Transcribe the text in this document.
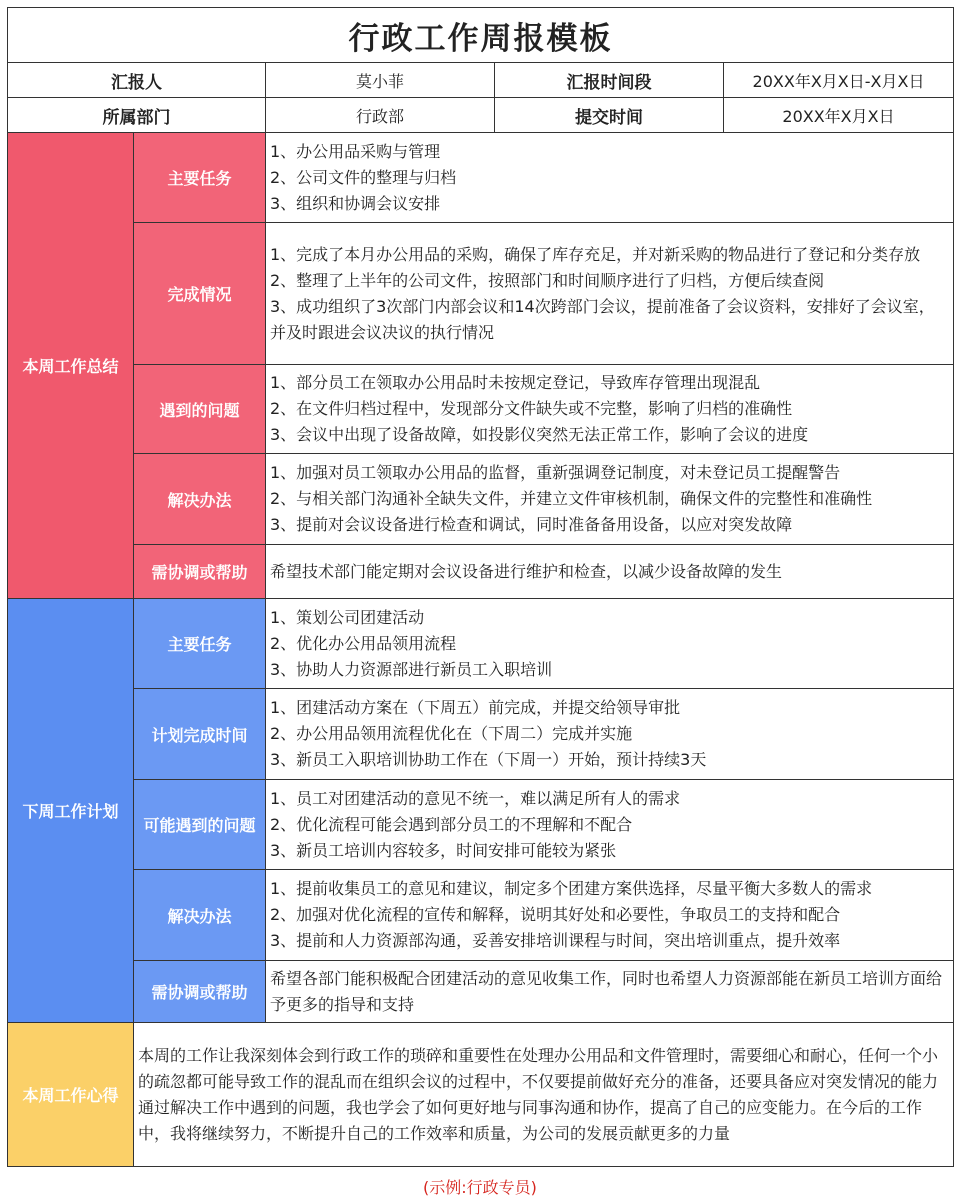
行政工作周报模板				
汇报人		莫小菲	汇报时间段	20XX年X月X日-X月X日
所属部门		行政部	提交时间	20XX年X月X日
本周工作总结	主要任务	1、办公用品采购与管理
2、公司文件的整理与归档
3、组织和协调会议安排		

	完成情况	1、完成了本月办公用品的采购，确保了库存充足，并对新采购的物品进行了登记和分类存放
2、整理了上半年的公司文件，按照部门和时间顺序进行了归档，方便后续查阅
3、成功组织了3次部门内部会议和14次跨部门会议，提前准备了会议资料，安排好了会议室，并及时跟进会议决议的执行情况		

	遇到的问题	1、部分员工在领取办公用品时未按规定登记，导致库存管理出现混乱
2、在文件归档过程中，发现部分文件缺失或不完整，影响了归档的准确性
3、会议中出现了设备故障，如投影仪突然无法正常工作，影响了会议的进度		

	解决办法	1、加强对员工领取办公用品的监督，重新强调登记制度，对未登记员工提醒警告
2、与相关部门沟通补全缺失文件，并建立文件审核机制，确保文件的完整性和准确性
3、提前对会议设备进行检查和调试，同时准备备用设备，以应对突发故障		

	需协调或帮助	希望技术部门能定期对会议设备进行维护和检查，以减少设备故障的发生		

下周工作计划	主要任务	1、策划公司团建活动
2、优化办公用品领用流程
3、协助人力资源部进行新员工入职培训		

	计划完成时间	1、团建活动方案在（下周五）前完成，并提交给领导审批
2、办公用品领用流程优化在（下周二）完成并实施
3、新员工入职培训协助工作在（下周一）开始，预计持续3天		

	可能遇到的问题	1、员工对团建活动的意见不统一，难以满足所有人的需求
2、优化流程可能会遇到部分员工的不理解和不配合
3、新员工培训内容较多，时间安排可能较为紧张		

	解决办法	1、提前收集员工的意见和建议，制定多个团建方案供选择，尽量平衡大多数人的需求
2、加强对优化流程的宣传和解释，说明其好处和必要性，争取员工的支持和配合
3、提前和人力资源部沟通，妥善安排培训课程与时间，突出培训重点，提升效率		

	需协调或帮助	希望各部门能积极配合团建活动的意见收集工作，同时也希望人力资源部能在新员工培训方面给予更多的指导和支持		

本周工作心得	本周的工作让我深刻体会到行政工作的琐碎和重要性在处理办公用品和文件管理时，需要细心和耐心，任何一个小的疏忽都可能导致工作的混乱而在组织会议的过程中，不仅要提前做好充分的准备，还要具备应对突发情况的能力通过解决工作中遇到的问题，我也学会了如何更好地与同事沟通和协作，提高了自己的应变能力。在今后的工作中，我将继续努力，不断提升自己的工作效率和质量，为公司的发展贡献更多的力量			
(示例:行政专员)
